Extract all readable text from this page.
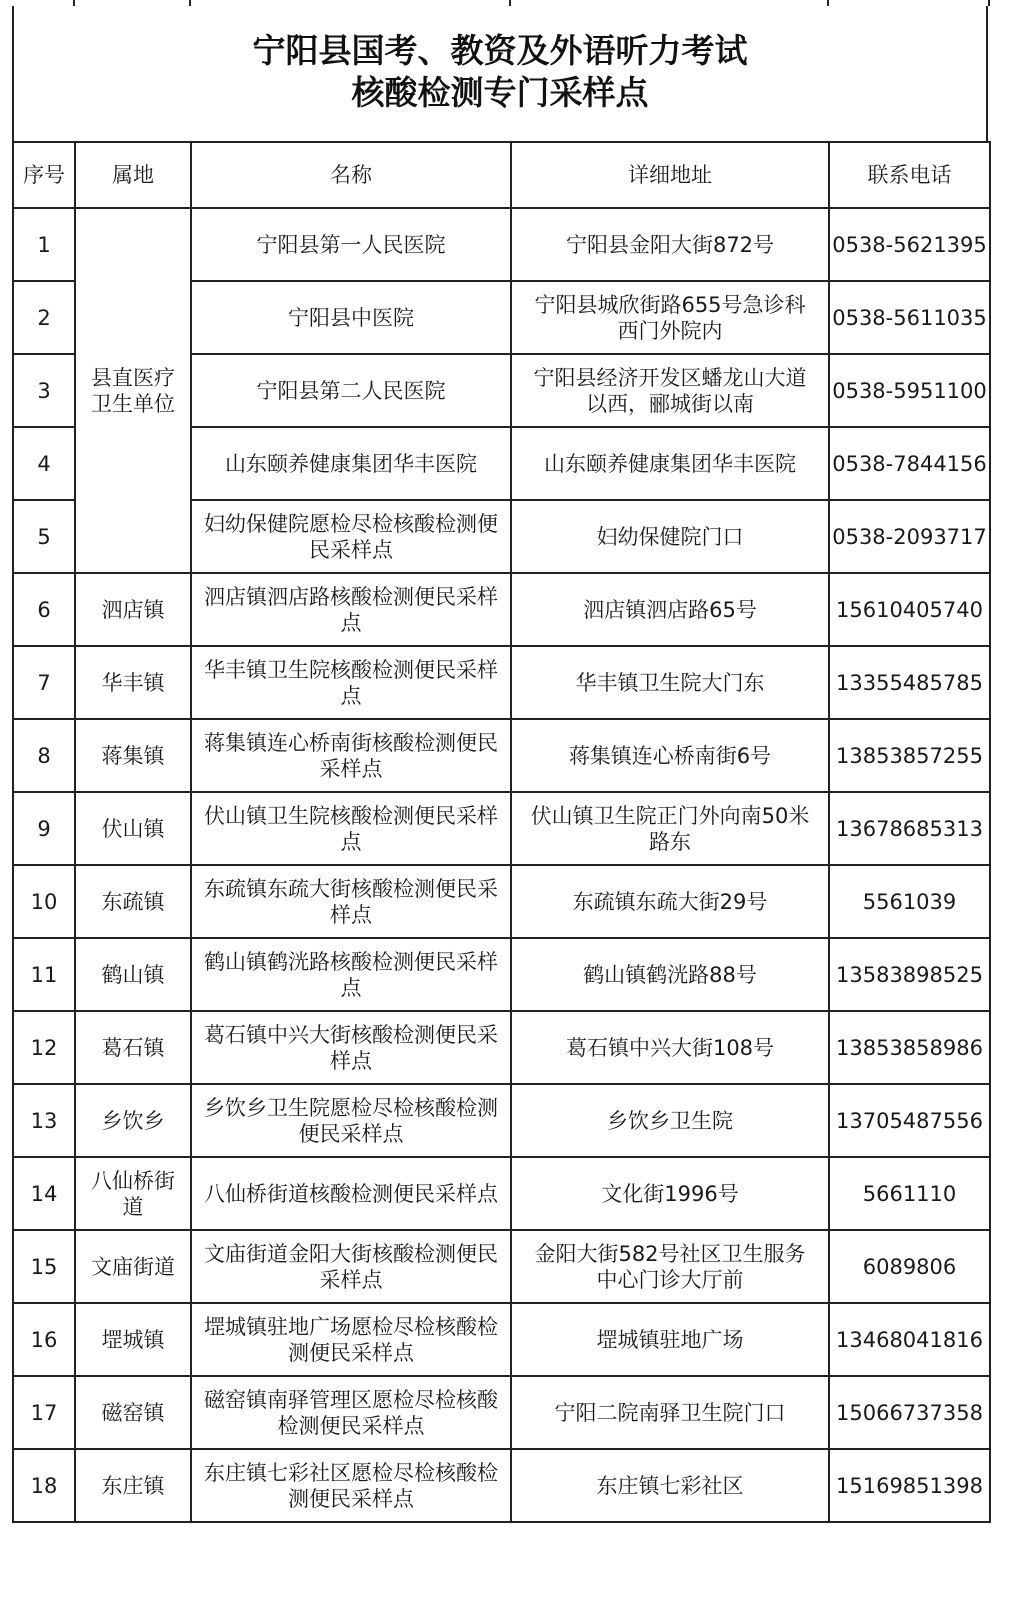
宁阳县国考、教资及外语听力考试
核酸检测专门采样点
序号	属地	名称	详细地址	联系电话
1	县直医疗卫生单位	宁阳县第一人民医院	宁阳县金阳大街872号	0538-5621395
2		宁阳县中医院	宁阳县城欣街路655号急诊科西门外院内	0538-5611035
3		宁阳县第二人民医院	宁阳县经济开发区蟠龙山大道以西，郦城街以南	0538-5951100
4		山东颐养健康集团华丰医院	山东颐养健康集团华丰医院	0538-7844156
5		妇幼保健院愿检尽检核酸检测便民采样点	妇幼保健院门口	0538-2093717
6	泗店镇	泗店镇泗店路核酸检测便民采样点	泗店镇泗店路65号	15610405740
7	华丰镇	华丰镇卫生院核酸检测便民采样点	华丰镇卫生院大门东	13355485785
8	蒋集镇	蒋集镇连心桥南街核酸检测便民采样点	蒋集镇连心桥南街6号	13853857255
9	伏山镇	伏山镇卫生院核酸检测便民采样点	伏山镇卫生院正门外向南50米路东	13678685313
10	东疏镇	东疏镇东疏大街核酸检测便民采样点	东疏镇东疏大街29号	5561039
11	鹤山镇	鹤山镇鹤洸路核酸检测便民采样点	鹤山镇鹤洸路88号	13583898525
12	葛石镇	葛石镇中兴大街核酸检测便民采样点	葛石镇中兴大街108号	13853858986
13	乡饮乡	乡饮乡卫生院愿检尽检核酸检测便民采样点	乡饮乡卫生院	13705487556
14	八仙桥街道	八仙桥街道核酸检测便民采样点	文化街1996号	5661110
15	文庙街道	文庙街道金阳大街核酸检测便民采样点	金阳大街582号社区卫生服务中心门诊大厅前	6089806
16	堽城镇	堽城镇驻地广场愿检尽检核酸检测便民采样点	堽城镇驻地广场	13468041816
17	磁窑镇	磁窑镇南驿管理区愿检尽检核酸检测便民采样点	宁阳二院南驿卫生院门口	15066737358
18	东庄镇	东庄镇七彩社区愿检尽检核酸检测便民采样点	东庄镇七彩社区	15169851398
